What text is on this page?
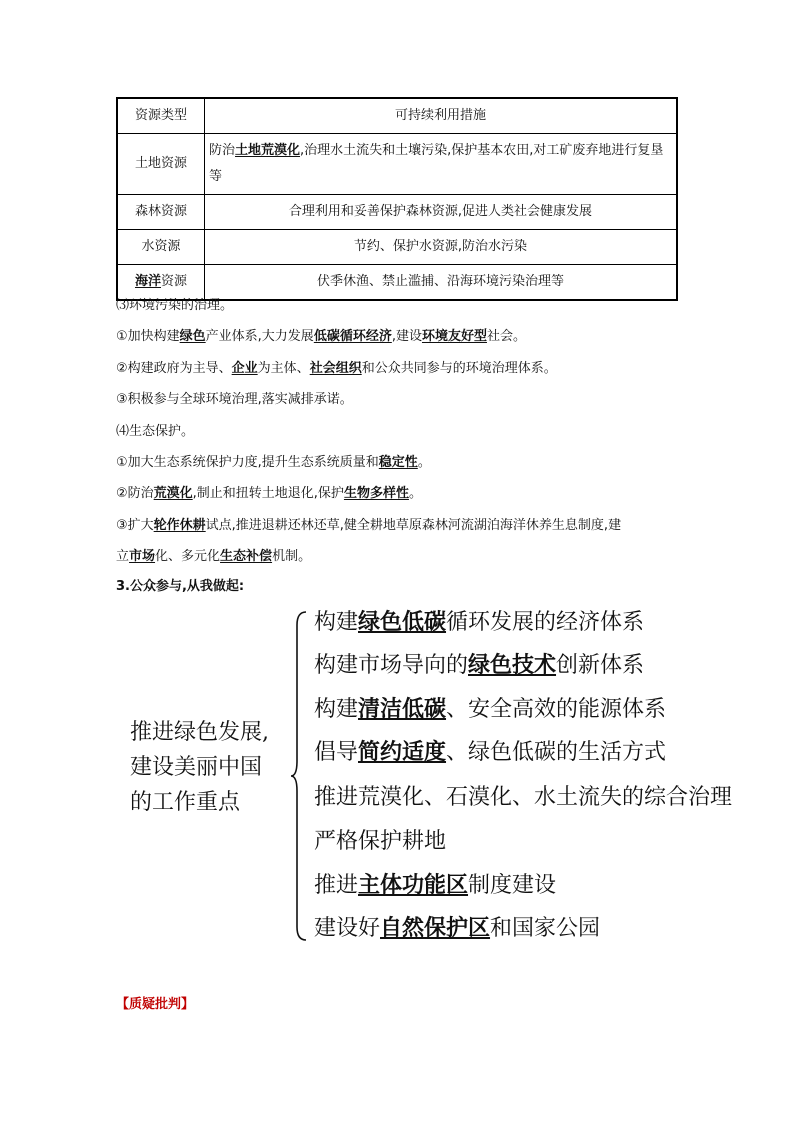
资源类型	可持续利用措施
土地资源	防治土地荒漠化,治理水土流失和土壤污染,保护基本农田,对工矿废弃地进行复垦等
森林资源	合理利用和妥善保护森林资源,促进人类社会健康发展
水资源	节约、保护水资源,防治水污染
海洋资源	伏季休渔、禁止滥捕、沿海环境污染治理等
⑶环境污染的治理。
①加快构建绿色产业体系,大力发展低碳循环经济,建设环境友好型社会。
②构建政府为主导、企业为主体、社会组织和公众共同参与的环境治理体系。
③积极参与全球环境治理,落实减排承诺。
⑷生态保护。
①加大生态系统保护力度,提升生态系统质量和稳定性。
②防治荒漠化,制止和扭转土地退化,保护生物多样性。
③扩大轮作休耕试点,推进退耕还林还草,健全耕地草原森林河流湖泊海洋休养生息制度,建
立市场化、多元化生态补偿机制。
3.公众参与,从我做起:
推进绿色发展,
建设美丽中国
的工作重点
构建绿色低碳循环发展的经济体系
构建市场导向的绿色技术创新体系
构建清洁低碳、安全高效的能源体系
倡导简约适度、绿色低碳的生活方式
推进荒漠化、石漠化、水土流失的综合治理
严格保护耕地
推进主体功能区制度建设
建设好自然保护区和国家公园
【质疑批判】
